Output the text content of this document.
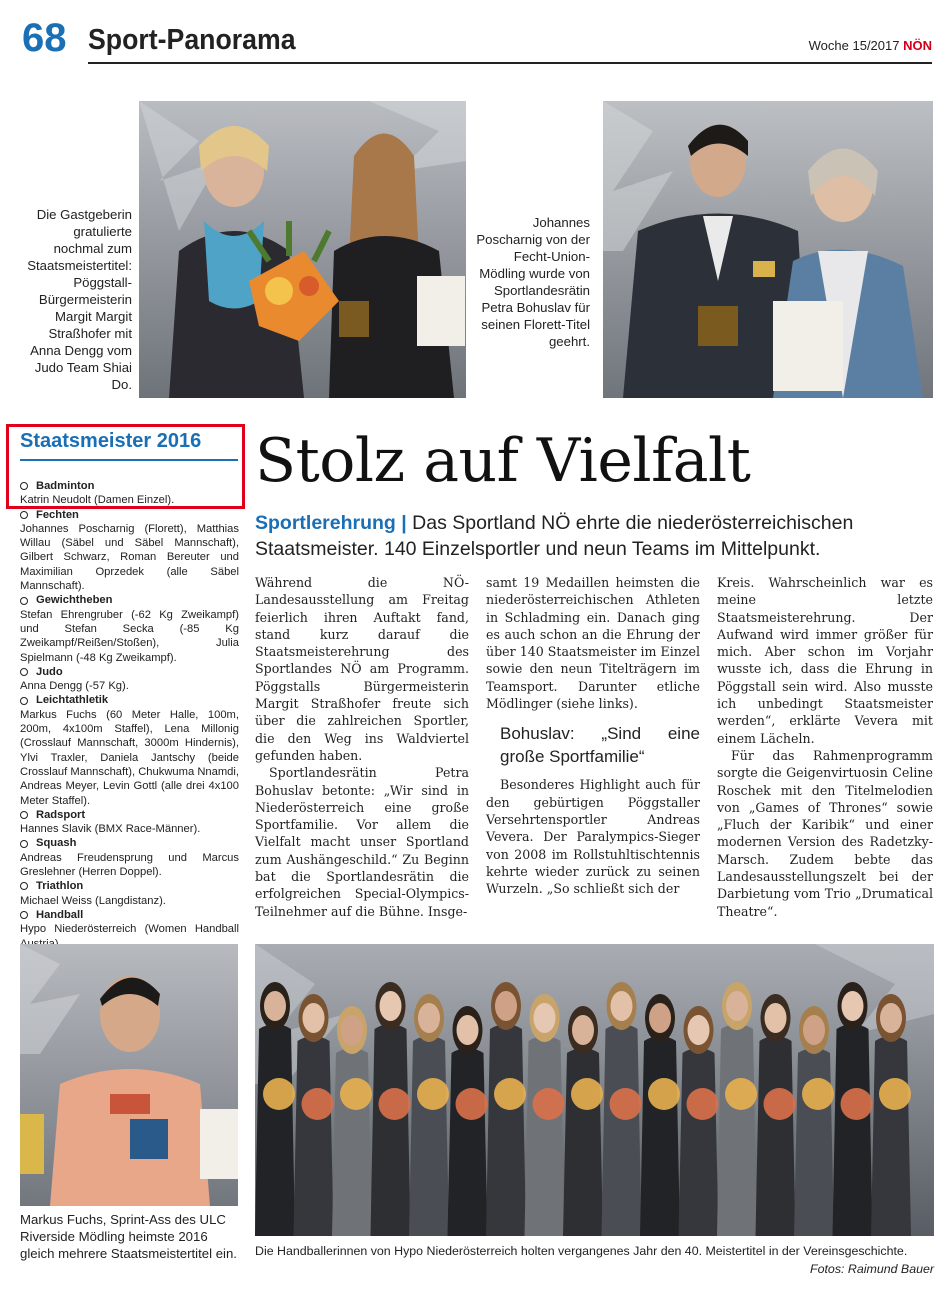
68 Sport-Panorama	Woche 15/2017 NÖN
Die Gastgeberin gratulierte nochmal zum Staatsmeistertitel: Pöggstall-Bürgermeisterin Margit Margit Straßhofer mit Anna Dengg vom Judo Team Shiai Do.
Johannes Poscharnig von der Fecht-Union-Mödling wurde von Sportlandesrätin Petra Bohuslav für seinen Florett-Titel geehrt.
Staatsmeister 2016
Badminton
Katrin Neudolt (Damen Einzel).
Fechten
Johannes Poscharnig (Florett), Matthias Willau (Säbel und Säbel Mannschaft), Gilbert Schwarz, Roman Bereuter und Maximilian Oprzedek (alle Säbel Mannschaft).
Gewichtheben
Stefan Ehrengruber (-62 Kg Zweikampf) und Stefan Secka (-85 Kg Zweikampf/Reißen/Stoßen), Julia Spielmann (-48 Kg Zweikampf).
Judo
Anna Dengg (-57 Kg).
Leichtathletik
Markus Fuchs (60 Meter Halle, 100m, 200m, 4x100m Staffel), Lena Millonig (Crosslauf Mannschaft, 3000m Hindernis), Ylvi Traxler, Daniela Jantschy (beide Crosslauf Mannschaft), Chukwuma Nnamdi, Andreas Meyer, Levin Gottl (alle drei 4x100 Meter Staffel).
Radsport
Hannes Slavik (BMX Race-Männer).
Squash
Andreas Freudensprung und Marcus Greslehner (Herren Doppel).
Triathlon
Michael Weiss (Langdistanz).
Handball
Hypo Niederösterreich (Women Handball
Stolz auf Vielfalt
Sportlerehrung | Das Sportland NÖ ehrte die niederösterreichischen Staatsmeister. 140 Einzelsportler und neun Teams im Mittelpunkt.

Während die NÖ-Landesausstellung am Freitag feierlich ihren Auftakt fand, stand kurz darauf die Staatsmeisterehrung des Sportlandes NÖ am Programm. Pöggstalls Bürgermeisterin Margit Straßhofer freute sich über die zahlreichen Sportler, die den Weg ins Waldviertel gefunden haben.

Sportlandesrätin Petra Bohuslav betonte: „Wir sind in Niederösterreich eine große Sportfamilie. Vor allem die Vielfalt macht unser Sportland zum Aushängeschild.“ Zu Beginn bat die Sportlandesrätin die erfolgreichen Special-Olympics-Teilnehmer auf die Bühne. Insge-

samt 19 Medaillen heimsten die niederösterreichischen Athleten in Schladming ein. Danach ging es auch schon an die Ehrung der über 140 Staatsmeister im Einzel sowie den neun Titelträgern im Teamsport. Darunter etliche Mödlinger (siehe links).

Bohuslav: „Sind eine große Sportfamilie“

Besonderes Highlight auch für den gebürtigen Pöggstaller Versehrtensportler Andreas Vevera. Der Paralympics-Sieger von 2008 im Rollstuhltischtennis kehrte wieder zurück zu seinen Wurzeln. „So schließt sich der

Kreis. Wahrscheinlich war es meine letzte Staatsmeisterehrung. Der Aufwand wird immer größer für mich. Aber schon im Vorjahr wusste ich, dass die Ehrung in Pöggstall sein wird. Also musste ich unbedingt Staatsmeister werden“, erklärte Vevera mit einem Lächeln.

Für das Rahmenprogramm sorgte die Geigenvirtuosin Celine Roschek mit den Titelmelodien von „Games of Thrones“ sowie „Fluch der Karibik“ und einer modernen Version des Radetzky-Marsch. Zudem bebte das Landesausstellungszelt bei der Darbietung vom Trio „Drumatical Theatre“.

Markus Fuchs, Sprint-Ass des ULC Riverside Mödling heimste 2016 gleich mehrere Staatsmeistertitel ein.	Die Handballerinnen von Hypo Niederösterreich holten vergangenes Jahr den 40. Meistertitel in der Vereinsgeschichte.
Fotos: Raimund Bauer
